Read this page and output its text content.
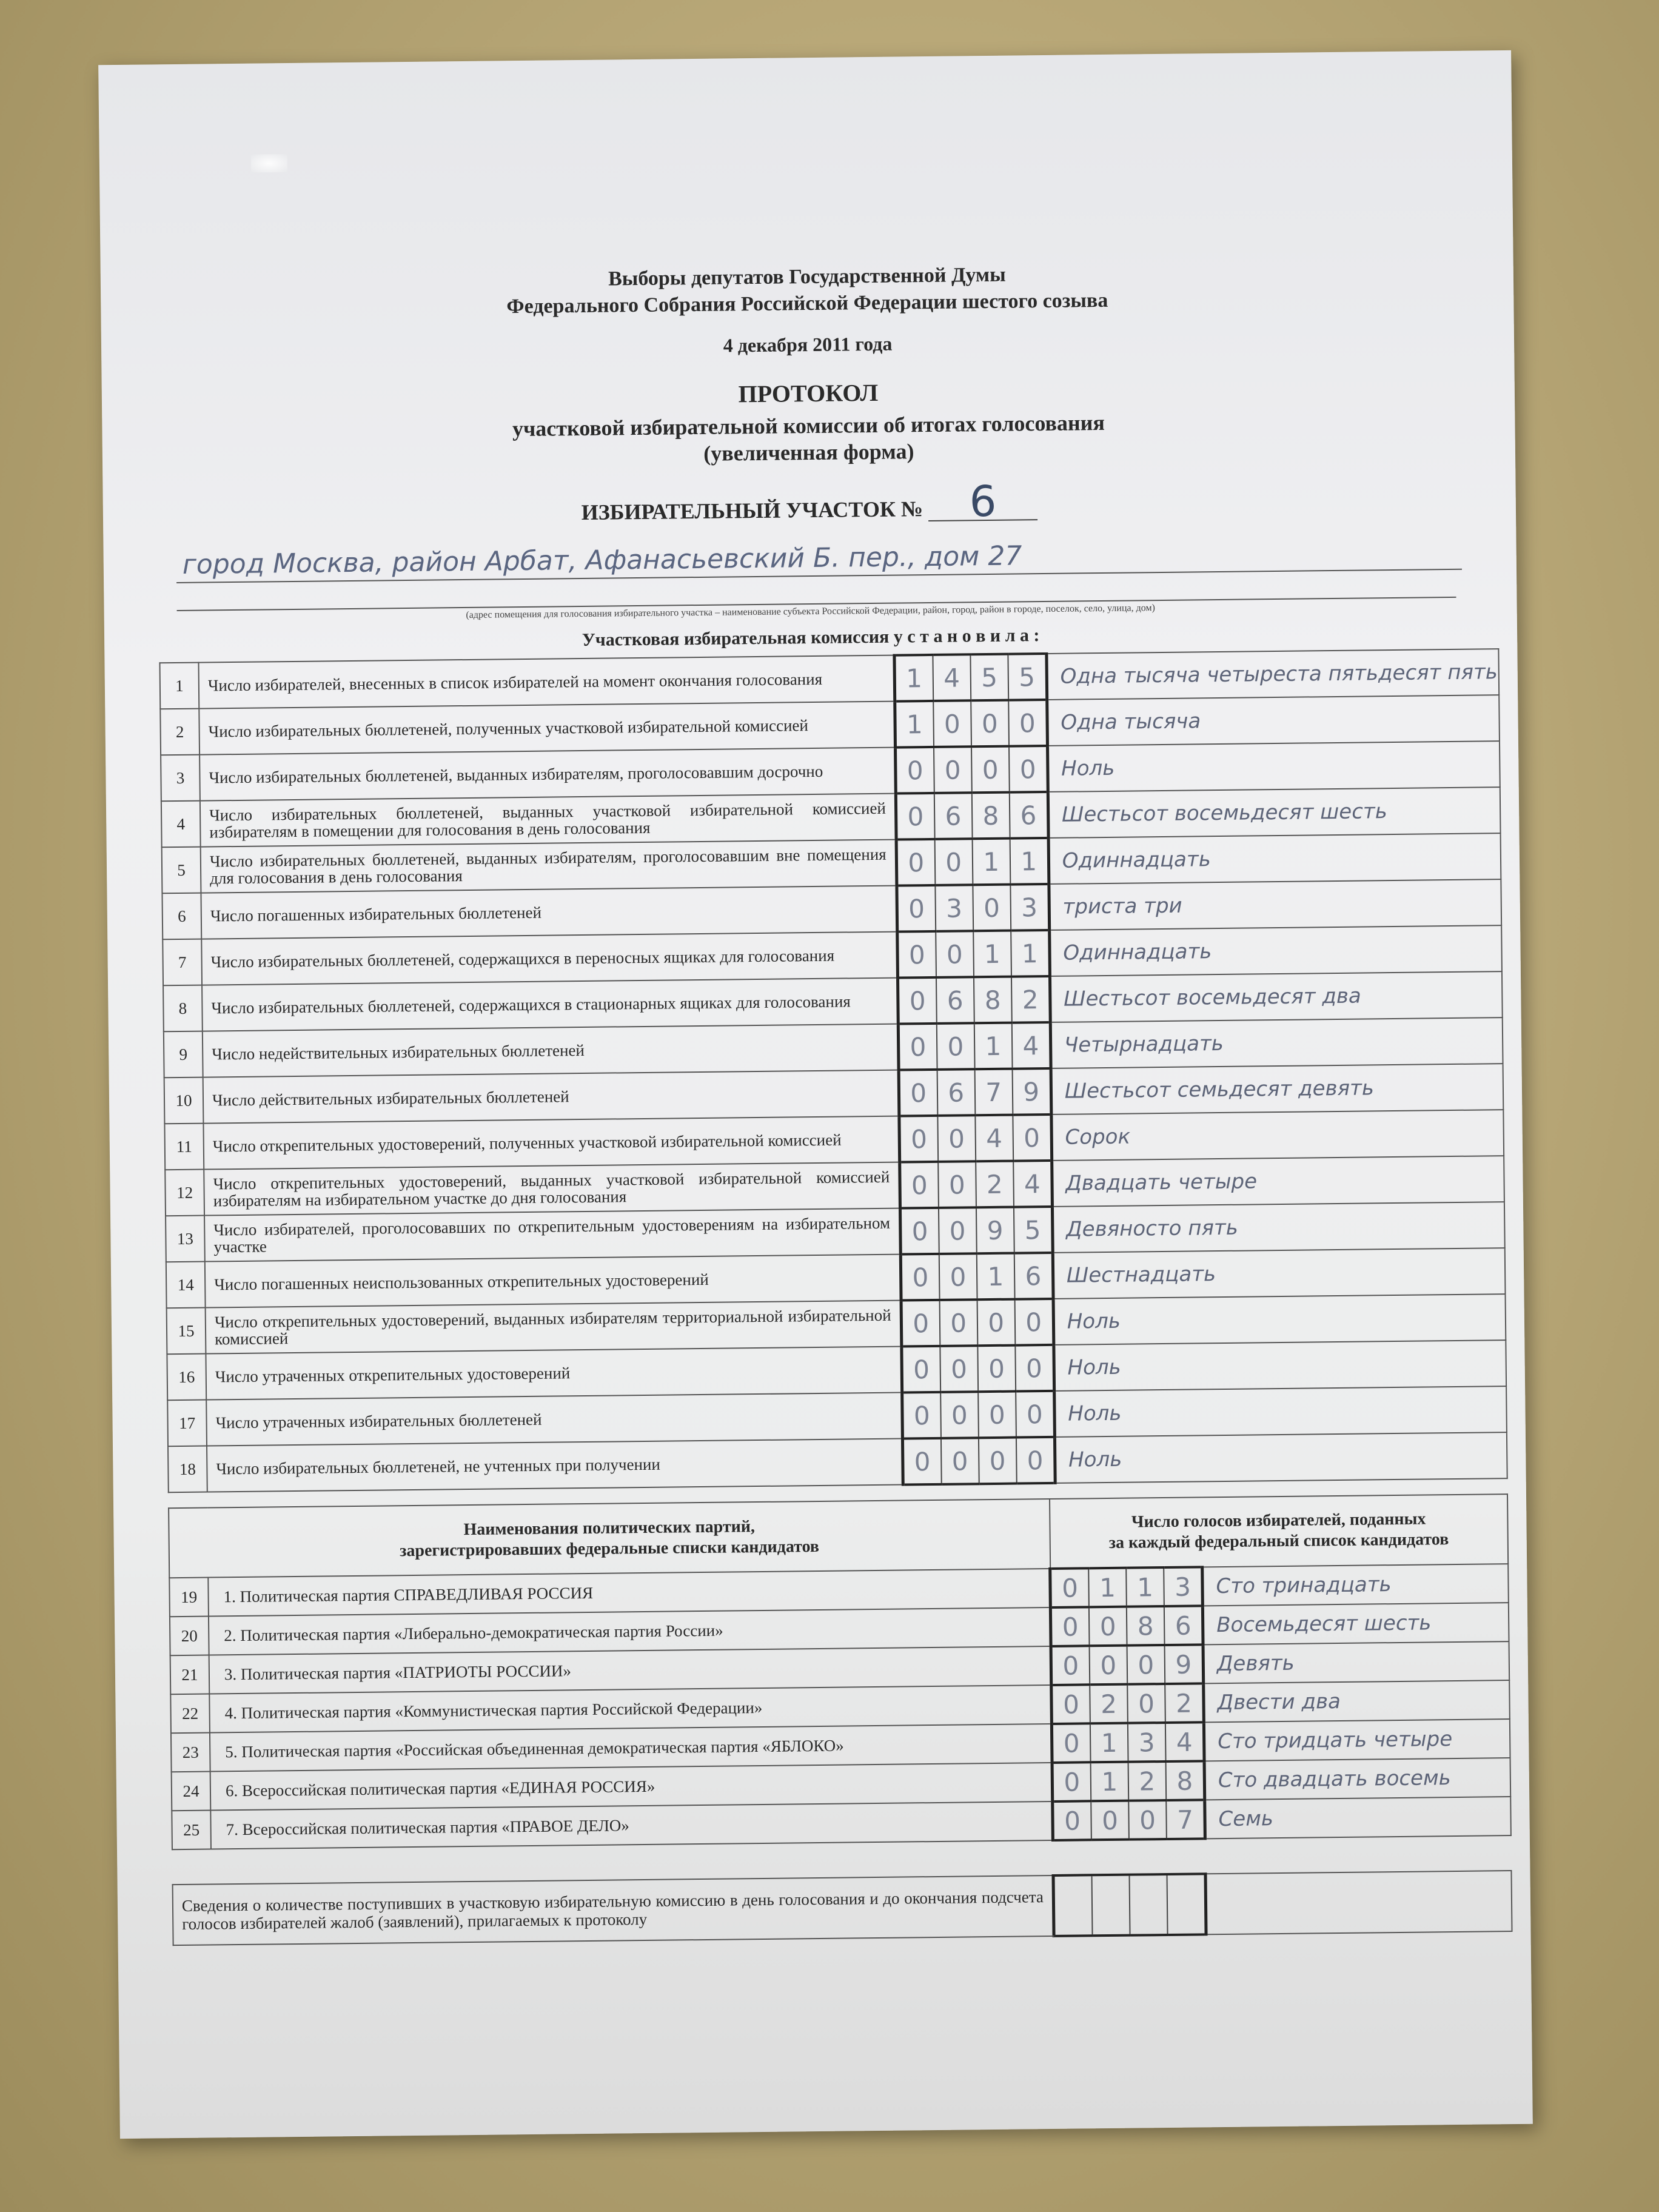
Выборы депутатов Государственной Думы
Федерального Собрания Российской Федерации шестого созыва
4 декабря 2011 года
ПРОТОКОЛ
участковой избирательной комиссии об итогах голосования
(увеличенная форма)
ИЗБИРАТЕЛЬНЫЙ УЧАСТОК № 6
город Москва, район Арбат, Афанасьевский Б. пер., дом 27
(адрес помещения для голосования избирательного участка – наименование субъекта Российской Федерации, район, город, район в городе, поселок, село, улица, дом)
Участковая избирательная комиссия у с т а н о в и л а :
1	Число избирателей, внесенных в список избирателей на момент окончания голосования	1	4	5	5	Одна тысяча четыреста пятьдесят пять
2	Число избирательных бюллетеней, полученных участковой избирательной комиссией	1	0	0	0	Одна тысяча
3	Число избирательных бюллетеней, выданных избирателям, проголосовавшим досрочно	0	0	0	0	Ноль
4	Число избирательных бюллетеней, выданных участковой избирательной комиссией избирателям в помещении для голосования в день голосования	0	6	8	6	Шестьсот восемьдесят шесть
5	Число избирательных бюллетеней, выданных избирателям, проголосовавшим вне помещения для голосования в день голосования	0	0	1	1	Одиннадцать
6	Число погашенных избирательных бюллетеней	0	3	0	3	триста три
7	Число избирательных бюллетеней, содержащихся в переносных ящиках для голосования	0	0	1	1	Одиннадцать
8	Число избирательных бюллетеней, содержащихся в стационарных ящиках для голосования	0	6	8	2	Шестьсот восемьдесят два
9	Число недействительных избирательных бюллетеней	0	0	1	4	Четырнадцать
10	Число действительных избирательных бюллетеней	0	6	7	9	Шестьсот семьдесят девять
11	Число открепительных удостоверений, полученных участковой избирательной комиссией	0	0	4	0	Сорок
12	Число открепительных удостоверений, выданных участковой избирательной комиссией избирателям на избирательном участке до дня голосования	0	0	2	4	Двадцать четыре
13	Число избирателей, проголосовавших по открепительным удостоверениям на избирательном участке	0	0	9	5	Девяносто пять
14	Число погашенных неиспользованных открепительных удостоверений	0	0	1	6	Шестнадцать
15	Число открепительных удостоверений, выданных избирателям территориальной избирательной комиссией	0	0	0	0	Ноль
16	Число утраченных открепительных удостоверений	0	0	0	0	Ноль
17	Число утраченных избирательных бюллетеней	0	0	0	0	Ноль
18	Число избирательных бюллетеней, не учтенных при получении	0	0	0	0	Ноль
Наименования политических партий,
зарегистрировавших федеральные списки кандидатов		Число голосов избирателей, поданных
за каждый федеральный список кандидатов				
19	1. Политическая партия СПРАВЕДЛИВАЯ РОССИЯ	0	1	1	3	Сто тринадцать
20	2. Политическая партия «Либерально-демократическая партия России»	0	0	8	6	Восемьдесят шесть
21	3. Политическая партия «ПАТРИОТЫ РОССИИ»	0	0	0	9	Девять
22	4. Политическая партия «Коммунистическая партия Российской Федерации»	0	2	0	2	Двести два
23	5. Политическая партия «Российская объединенная демократическая партия «ЯБЛОКО»	0	1	3	4	Сто тридцать четыре
24	6. Всероссийская политическая партия «ЕДИНАЯ РОССИЯ»	0	1	2	8	Сто двадцать восемь
25	7. Всероссийская политическая партия «ПРАВОЕ ДЕЛО»	0	0	0	7	Семь
Сведения о количестве поступивших в участковую избирательную комиссию в день голосования и до окончания подсчета голосов избирателей жалоб (заявлений), прилагаемых к протоколу					
